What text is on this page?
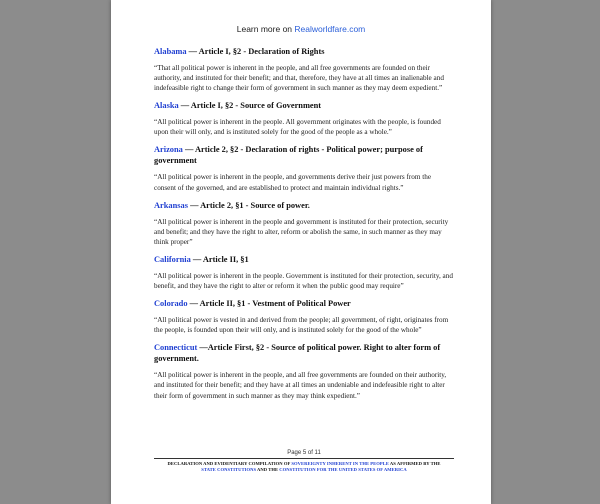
Learn more on Realworldfare.com
Alabama — Article I, §2 - Declaration of Rights
“That all political power is inherent in the people, and all free governments are founded on their authority, and instituted for their benefit; and that, therefore, they have at all times an inalienable and indefeasible right to change their form of government in such manner as they may deem expedient.”
Alaska — Article I, §2 - Source of Government
“All political power is inherent in the people. All government originates with the people, is founded upon their will only, and is instituted solely for the good of the people as a whole.”
Arizona — Article 2, §2 - Declaration of rights - Political power; purpose of government
“All political power is inherent in the people, and governments derive their just powers from the consent of the governed, and are established to protect and maintain individual rights.”
Arkansas — Article 2, §1 - Source of power.
“All political power is inherent in the people and government is instituted for their protection, security and benefit; and they have the right to alter, reform or abolish the same, in such manner as they may think proper”
California — Article II, §1
“All political power is inherent in the people. Government is instituted for their protection, security, and benefit, and they have the right to alter or reform it when the public good may require”
Colorado — Article II, §1 - Vestment of Political Power
“All political power is vested in and derived from the people; all government, of right, originates from the people, is founded upon their will only, and is instituted solely for the good of the whole”
Connecticut —Article First, §2 - Source of political power. Right to alter form of government.
“All political power is inherent in the people, and all free governments are founded on their authority, and instituted for their benefit; and they have at all times an undeniable and indefeasible right to alter their form of government in such manner as they may think expedient.”
Page 5 of 11
DECLARATION AND EVIDENTIARY COMPILATION OF SOVEREIGNTY INHERENT IN THE PEOPLE AS AFFIRMED BY THE
STATE CONSTITUTIONS AND THE CONSTITUTION FOR THE UNITED STATES OF AMERICA
